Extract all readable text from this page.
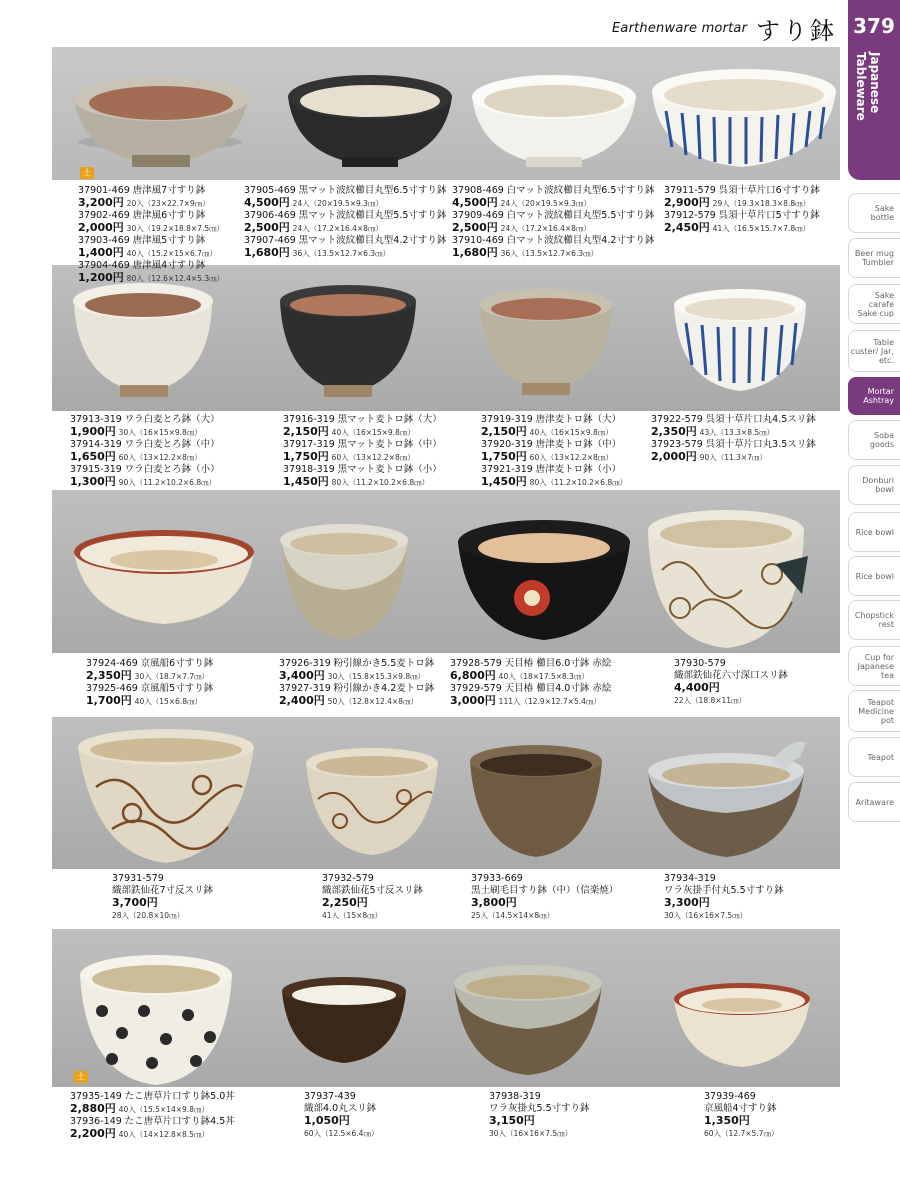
Earthenware mortar すり鉢 379
Japanese Tableware
Sake bottle
Beer mug Tumbler
Sake carafe Sake cup
Table custer/ Jar, etc.
Mortar Ashtray
Soba goods
Donburi bowl
Rice bowl
Rice bowl
Chopstick rest
Cup for Japanese tea
Teapot Medicine pot
Teapot
Aritaware
土
土
37901-469 唐津風7寸すり鉢
3,200円 20入（23×22.7×9㎝）
37902-469 唐津風6寸すり鉢
2,000円 30入（19.2×18.8×7.5㎝）
37903-469 唐津風5寸すり鉢
1,400円 40入（15.2×15×6.7㎝）
37904-469 唐津風4寸すり鉢
1,200円 80入（12.6×12.4×5.3㎝）
37905-469 黒マット波紋櫛目丸型6.5寸すり鉢
4,500円 24入（20×19.5×9.3㎝）
37906-469 黒マット波紋櫛目丸型5.5寸すり鉢
2,500円 24入（17.2×16.4×8㎝）
37907-469 黒マット波紋櫛目丸型4.2寸すり鉢
1,680円 36入（13.5×12.7×6.3㎝）
37908-469 白マット波紋櫛目丸型6.5寸すり鉢
4,500円 24入（20×19.5×9.3㎝）
37909-469 白マット波紋櫛目丸型5.5寸すり鉢
2,500円 24入（17.2×16.4×8㎝）
37910-469 白マット波紋櫛目丸型4.2寸すり鉢
1,680円 36入（13.5×12.7×6.3㎝）
37911-579 呉須十草片口6寸すり鉢
2,900円 29入（19.3×18.3×8.8㎝）
37912-579 呉須十草片口5寸すり鉢
2,450円 41入（16.5×15.7×7.8㎝）
37913-319 ワラ白麦とろ鉢（大）
1,900円 30入（16×15×9.8㎝）
37914-319 ワラ白麦とろ鉢（中）
1,650円 60入（13×12.2×8㎝）
37915-319 ワラ白麦とろ鉢（小）
1,300円 90入（11.2×10.2×6.8㎝）
37916-319 黒マット麦トロ鉢（大）
2,150円 40入（16×15×9.8㎝）
37917-319 黒マット麦トロ鉢（中）
1,750円 60入（13×12.2×8㎝）
37918-319 黒マット麦トロ鉢（小）
1,450円 80入（11.2×10.2×6.8㎝）
37919-319 唐津麦トロ鉢（大）
2,150円 40入（16×15×9.8㎝）
37920-319 唐津麦トロ鉢（中）
1,750円 60入（13×12.2×8㎝）
37921-319 唐津麦トロ鉢（小）
1,450円 80入（11.2×10.2×6.8㎝）
37922-579 呉須十草片口丸4.5スリ鉢
2,350円 43入（13.3×8.5㎝）
37923-579 呉須十草片口丸3.5スリ鉢
2,000円 90入（11.3×7㎝）
37924-469 京風船6寸すり鉢
2,350円 30入（18.7×7.7㎝）
37925-469 京風船5寸すり鉢
1,700円 40入（15×6.8㎝）
37926-319 粉引線かき5.5麦トロ鉢
3,400円 30入（15.8×15.3×9.8㎝）
37927-319 粉引線かき4.2麦トロ鉢
2,400円 50入（12.8×12.4×8㎝）
37928-579 天目椿 櫛目6.0寸鉢 赤絵
6,800円 40入（18×17.5×8.3㎝）
37929-579 天目椿 櫛目4.0寸鉢 赤絵
3,000円 111入（12.9×12.7×5.4㎝）
37930-579
織部鉄仙花六寸深口スリ鉢
4,400円
22入（18.8×11㎝）
37931-579
織部鉄仙花7寸反スリ鉢
3,700円
28入（20.8×10㎝）
37932-579
織部鉄仙花5寸反スリ鉢
2,250円
41入（15×8㎝）
37933-669
黒土刷毛目すり鉢（中）（信楽焼）
3,800円
25入（14.5×14×8㎝）
37934-319
ワラ灰掛手付丸5.5寸すり鉢
3,300円
30入（16×16×7.5㎝）
37935-149 たこ唐草片口すり鉢5.0丼
2,880円 40入（15.5×14×9.8㎝）
37936-149 たこ唐草片口すり鉢4.5丼
2,200円 40入（14×12.8×8.5㎝）
37937-439
織部4.0丸スリ鉢
1,050円
60入（12.5×6.4㎝）
37938-319
ワラ灰掛丸5.5寸すり鉢
3,150円
30入（16×16×7.5㎝）
37939-469
京風船4寸すり鉢
1,350円
60入（12.7×5.7㎝）
